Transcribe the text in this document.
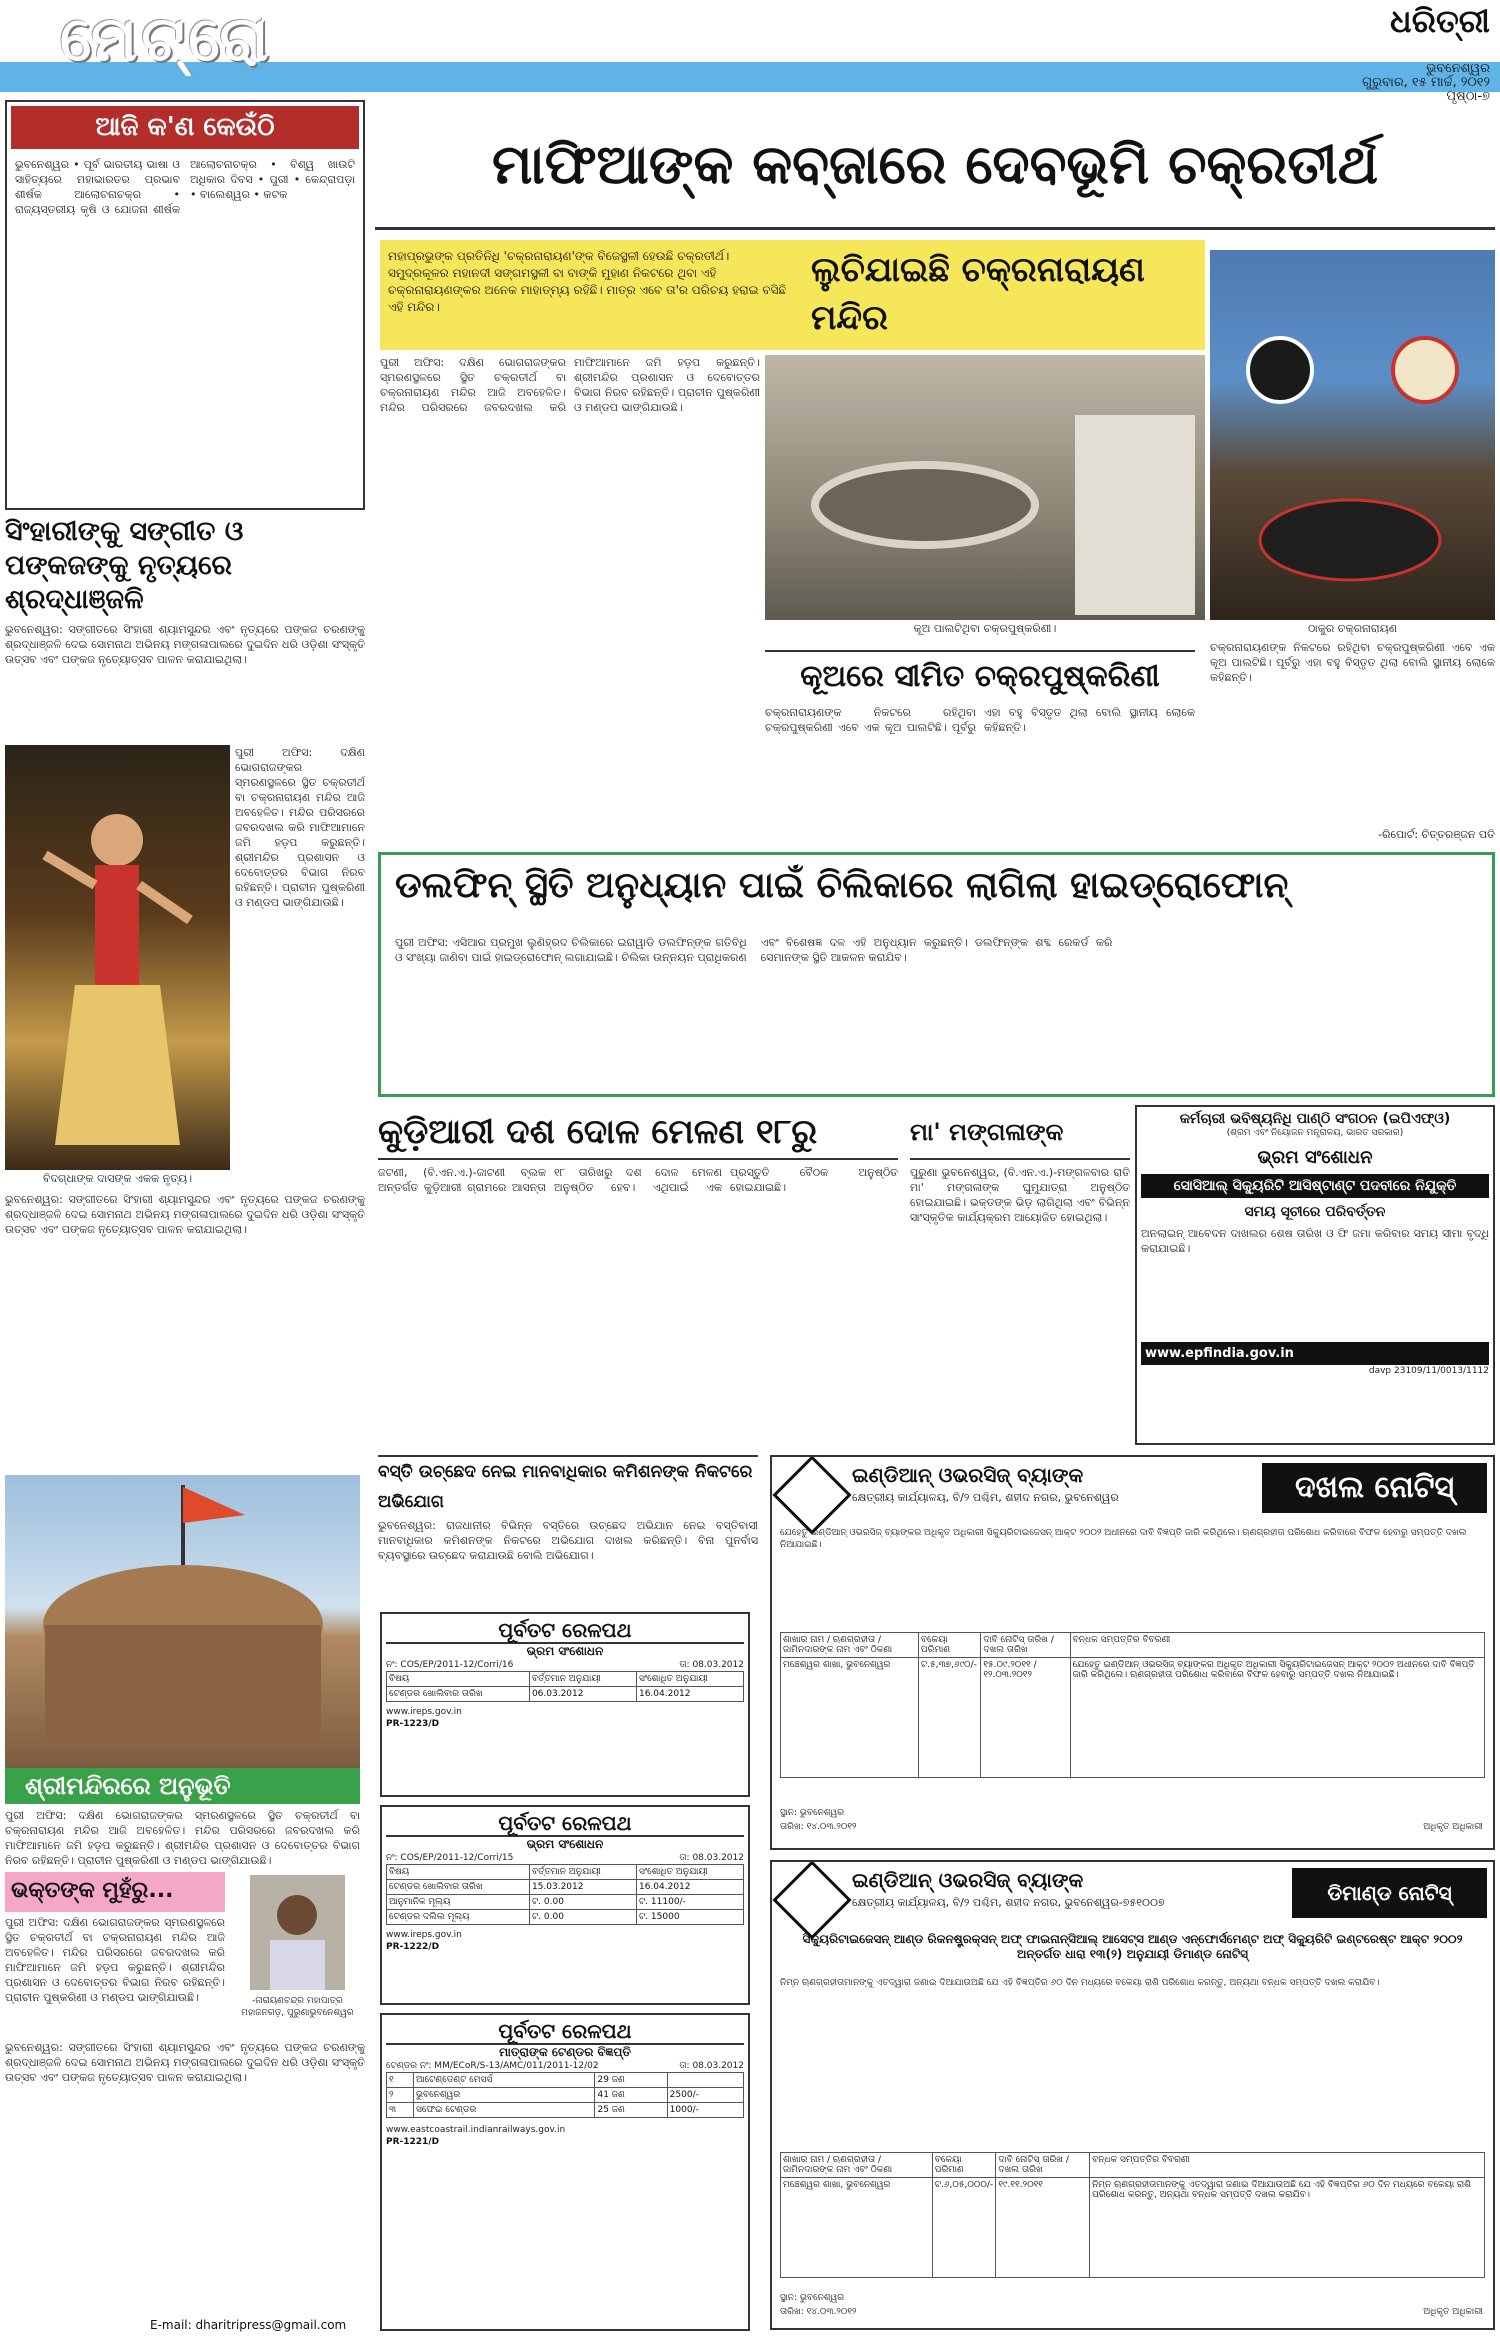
ମେଟ୍ରୋ	ଧରିତ୍ରୀ
ଭୁବନେଶ୍ୱର
ଗୁରୁବାର, ୧୫ ମାର୍ଚ୍ଚ, ୨୦୧୨
ପୃଷ୍ଠା-୭
ଆଜି କ'ଣ କେଉଁଠି
ଭୁବନେଶ୍ୱର • ପୂର୍ବ ଭାରତୀୟ ଭାଷା ଓ ସାହିତ୍ୟରେ ମହାଭାରତର ପ୍ରଭାବ ଶୀର୍ଷକ ଆଲୋଚନାଚକ୍ର • ରାଜ୍ୟସ୍ତରୀୟ କୃଷି ଓ ଯୋଜନା ଶୀର୍ଷକ ଆଲୋଚନାଚକ୍ର • ବିଶ୍ୱ ଖାଉଟି ଅଧିକାର ଦିବସ • ପୁରୀ • କେନ୍ଦ୍ରାପଡ଼ା • ବାଲେଶ୍ୱର • କଟକ
ସିଂହାରୀଙ୍କୁ ସଙ୍ଗୀତ ଓ ପଙ୍କଜଙ୍କୁ ନୃତ୍ୟରେ ଶ୍ରଦ୍ଧାଞ୍ଜଳି
ଭୁବନେଶ୍ୱର: ସଙ୍ଗୀତରେ ସିଂହାରୀ ଶ୍ୟାମସୁନ୍ଦର ଏବଂ ନୃତ୍ୟରେ ପଙ୍କଜ ଚରଣଙ୍କୁ ଶ୍ରଦ୍ଧାଞ୍ଜଳି ଦେଇ ସୋମନାଥ ଅଭିନୟ ମଙ୍ଗଳାପାଲରେ ଦୁଇଦିନ ଧରି ଓଡ଼ିଶା ସଂସ୍କୃତି ଉତ୍ସବ ଏବଂ ପଙ୍କଜ ନୃତ୍ୟୋତ୍ସବ ପାଳନ କରାଯାଇଥିଲା।
ପୁରୀ ଅଫିସ: ଦକ୍ଷିଣ ଭୋଗରାଜଙ୍କର ସ୍ମରଣସ୍ଥଳରେ ସ୍ଥିତ ଚକ୍ରତୀର୍ଥ ବା ଚକ୍ରନାରାୟଣ ମନ୍ଦିର ଆଜି ଅବହେଳିତ। ମନ୍ଦିର ପରିସରରେ ଜବରଦଖଲ କରି ମାଫିଆମାନେ ଜମି ହଡ଼ପ କରୁଛନ୍ତି। ଶ୍ରୀମନ୍ଦିର ପ୍ରଶାସନ ଓ ଦେବୋତ୍ତର ବିଭାଗ ନିରବ ରହିଛନ୍ତି। ପ୍ରାଚୀନ ପୁଷ୍କରିଣୀ ଓ ମଣ୍ଡପ ଭାଙ୍ଗିଯାଉଛି।
ବିଦଗ୍ଧାଙ୍କ ଦାସଙ୍କ ଏକକ ନୃତ୍ୟ।
ଭୁବନେଶ୍ୱର: ସଙ୍ଗୀତରେ ସିଂହାରୀ ଶ୍ୟାମସୁନ୍ଦର ଏବଂ ନୃତ୍ୟରେ ପଙ୍କଜ ଚରଣଙ୍କୁ ଶ୍ରଦ୍ଧାଞ୍ଜଳି ଦେଇ ସୋମନାଥ ଅଭିନୟ ମଙ୍ଗଳାପାଲରେ ଦୁଇଦିନ ଧରି ଓଡ଼ିଶା ସଂସ୍କୃତି ଉତ୍ସବ ଏବଂ ପଙ୍କଜ ନୃତ୍ୟୋତ୍ସବ ପାଳନ କରାଯାଇଥିଲା।
ଶ୍ରୀମନ୍ଦିରରେ ଅନୁଭୂତି
ପୁରୀ ଅଫିସ: ଦକ୍ଷିଣ ଭୋଗରାଜଙ୍କର ସ୍ମରଣସ୍ଥଳରେ ସ୍ଥିତ ଚକ୍ରତୀର୍ଥ ବା ଚକ୍ରନାରାୟଣ ମନ୍ଦିର ଆଜି ଅବହେଳିତ। ମନ୍ଦିର ପରିସରରେ ଜବରଦଖଲ କରି ମାଫିଆମାନେ ଜମି ହଡ଼ପ କରୁଛନ୍ତି। ଶ୍ରୀମନ୍ଦିର ପ୍ରଶାସନ ଓ ଦେବୋତ୍ତର ବିଭାଗ ନିରବ ରହିଛନ୍ତି। ପ୍ରାଚୀନ ପୁଷ୍କରିଣୀ ଓ ମଣ୍ଡପ ଭାଙ୍ଗିଯାଉଛି।
ଭକ୍ତଙ୍କ ମୁହଁରୁ...
-ନାରାୟଣଚନ୍ଦ୍ର ମହାପାତ୍ର ମହାଜନଗଡ଼, ପୁରୁଣାଭୁବନେଶ୍ୱର
ପୁରୀ ଅଫିସ: ଦକ୍ଷିଣ ଭୋଗରାଜଙ୍କର ସ୍ମରଣସ୍ଥଳରେ ସ୍ଥିତ ଚକ୍ରତୀର୍ଥ ବା ଚକ୍ରନାରାୟଣ ମନ୍ଦିର ଆଜି ଅବହେଳିତ। ମନ୍ଦିର ପରିସରରେ ଜବରଦଖଲ କରି ମାଫିଆମାନେ ଜମି ହଡ଼ପ କରୁଛନ୍ତି। ଶ୍ରୀମନ୍ଦିର ପ୍ରଶାସନ ଓ ଦେବୋତ୍ତର ବିଭାଗ ନିରବ ରହିଛନ୍ତି। ପ୍ରାଚୀନ ପୁଷ୍କରିଣୀ ଓ ମଣ୍ଡପ ଭାଙ୍ଗିଯାଉଛି।
ଭୁବନେଶ୍ୱର: ସଙ୍ଗୀତରେ ସିଂହାରୀ ଶ୍ୟାମସୁନ୍ଦର ଏବଂ ନୃତ୍ୟରେ ପଙ୍କଜ ଚରଣଙ୍କୁ ଶ୍ରଦ୍ଧାଞ୍ଜଳି ଦେଇ ସୋମନାଥ ଅଭିନୟ ମଙ୍ଗଳାପାଲରେ ଦୁଇଦିନ ଧରି ଓଡ଼ିଶା ସଂସ୍କୃତି ଉତ୍ସବ ଏବଂ ପଙ୍କଜ ନୃତ୍ୟୋତ୍ସବ ପାଳନ କରାଯାଇଥିଲା।
E-mail: dharitripress@gmail.com
ମାଫିଆଙ୍କ କବ୍ଜାରେ ଦେବଭୂମି ଚକ୍ରତୀର୍ଥ
ମହାପ୍ରଭୁଙ୍କ ପ୍ରତିନିଧି 'ଚକ୍ରନାରାୟଣ'ଙ୍କ ବିଜେସ୍ଥଳୀ ହେଉଛି ଚକ୍ରତୀର୍ଥ। ସମୁଦ୍ରକୂଳର ମହାନଦୀ ସଙ୍ଗମସ୍ଥଳୀ ବା ବାଙ୍କି ମୁହାଣ ନିକଟରେ ଥିବା ଏହି ଚକ୍ରନାରାୟଣଙ୍କର ଅନେକ ମାହାତ୍ମ୍ୟ ରହିଛି। ମାତ୍ର ଏବେ ତା'ର ପରିଚୟ ହରାଇ ବସିଛି ଏହି ମନ୍ଦିର।
ଲୁଚିଯାଇଛି ଚକ୍ରନାରାୟଣ ମନ୍ଦିର
ପୁରୀ ଅଫିସ: ଦକ୍ଷିଣ ଭୋଗରାଜଙ୍କର ସ୍ମରଣସ୍ଥଳରେ ସ୍ଥିତ ଚକ୍ରତୀର୍ଥ ବା ଚକ୍ରନାରାୟଣ ମନ୍ଦିର ଆଜି ଅବହେଳିତ। ମନ୍ଦିର ପରିସରରେ ଜବରଦଖଲ କରି ମାଫିଆମାନେ ଜମି ହଡ଼ପ କରୁଛନ୍ତି। ଶ୍ରୀମନ୍ଦିର ପ୍ରଶାସନ ଓ ଦେବୋତ୍ତର ବିଭାଗ ନିରବ ରହିଛନ୍ତି। ପ୍ରାଚୀନ ପୁଷ୍କରିଣୀ ଓ ମଣ୍ଡପ ଭାଙ୍ଗିଯାଉଛି।
କୂଅ ପାଲଟିଥିବା ଚକ୍ରପୁଷ୍କରିଣୀ।	ଠାକୁର ଚକ୍ରନାରାୟଣ
କୂଅରେ ସୀମିତ ଚକ୍ରପୁଷ୍କରିଣୀ
ଚକ୍ରନାରାୟଣଙ୍କ ନିକଟରେ ରହିଥିବା ଚକ୍ରପୁଷ୍କରିଣୀ ଏବେ ଏକ କୂଅ ପାଲଟିଛି। ପୂର୍ବରୁ ଏହା ବହୁ ବିସ୍ତୃତ ଥିଲା ବୋଲି ସ୍ଥାନୀୟ ଲୋକେ କହିଛନ୍ତି।
ଚକ୍ରନାରାୟଣଙ୍କ ନିକଟରେ ରହିଥିବା ଚକ୍ରପୁଷ୍କରିଣୀ ଏବେ ଏକ କୂଅ ପାଲଟିଛି। ପୂର୍ବରୁ ଏହା ବହୁ ବିସ୍ତୃତ ଥିଲା ବୋଲି ସ୍ଥାନୀୟ ଲୋକେ କହିଛନ୍ତି।
-ରିପୋର୍ଟ: ଚିତ୍ତରଞ୍ଜନ ପତି
ଡଲଫିନ୍ ସ୍ଥିତି ଅନୁଧ୍ୟାନ ପାଇଁ ଚିଲିକାରେ ଲାଗିଲା ହାଇଡ୍ରୋଫୋନ୍
ପୁରୀ ଅଫିସ: ଏସିଆର ପ୍ରମୁଖ ଲୁଣିହ୍ରଦ ଚିଲିକାରେ ଇରାୱାଡି ଡଲଫିନ୍‌ଙ୍କ ଗତିବିଧି ଓ ସଂଖ୍ୟା ଜାଣିବା ପାଇଁ ହାଇଡ୍ରୋଫୋନ୍ ଲଗାଯାଇଛି। ଚିଲିକା ଉନ୍ନୟନ ପ୍ରାଧିକରଣ ଏବଂ ବିଶେଷଜ୍ଞ ଦଳ ଏହି ଅନୁଧ୍ୟାନ କରୁଛନ୍ତି। ଡଲଫିନ୍‌ଙ୍କ ଶବ୍ଦ ରେକର୍ଡ କରି ସେମାନଙ୍କ ସ୍ଥିତି ଆକଳନ କରାଯିବ।
କୁଡ଼ିଆରୀ ଦଶ ଦୋଳ ମେଳଣ ୧୮ରୁ
ଜଟଣୀ, (ବି.ଏନ.ଏ.)-ଜାଟଣୀ ବ୍ଲକ ଅନ୍ତର୍ଗତ କୁଡ଼ିଆରୀ ଗ୍ରାମରେ ଆସନ୍ତା ୧୮ ତାରିଖରୁ ଦଶ ଦୋଳ ମେଳଣ ଅନୁଷ୍ଠିତ ହେବ। ଏଥିପାଇଁ ଏକ ପ୍ରସ୍ତୁତି ବୈଠକ ଅନୁଷ୍ଠିତ ହୋଇଯାଇଛି।
ମା' ମଙ୍ଗଳାଙ୍କ
ପୁରୁଣା ଭୁବନେଶ୍ୱର, (ବି.ଏନ.ଏ.)-ମଙ୍ଗଳବାର ରାତି ମା' ମଙ୍ଗଳାଙ୍କ ଘୁମୁଯାତ୍ରା ଅନୁଷ୍ଠିତ ହୋଇଯାଇଛି। ଭକ୍ତଙ୍କ ଭିଡ଼ ଲାଗିଥିଲା ଏବଂ ବିଭିନ୍ନ ସାଂସ୍କୃତିକ କାର୍ଯ୍ୟକ୍ରମ ଆୟୋଜିତ ହୋଇଥିଲା।
କର୍ମଚାରୀ ଭବିଷ୍ୟନିଧି ପାଣ୍ଠି ସଂଗଠନ (ଇପିଏଫ୍‌ଓ)
(ଶ୍ରମ ଏବଂ ନିୟୋଜନ ମନ୍ତ୍ରାଳୟ, ଭାରତ ସରକାର)
ଭ୍ରମ ସଂଶୋଧନ
ସୋସିଆଲ୍ ସିକ୍ୟୁରିଟି ଆସିଷ୍ଟାଣ୍ଟ ପଦବୀରେ ନିଯୁକ୍ତି
ସମୟ ସୂଚୀରେ ପରିବର୍ତ୍ତନ
ଅନଲାଇନ୍ ଆବେଦନ ଦାଖଲର ଶେଷ ତାରିଖ ଓ ଫି ଜମା କରିବାର ସମୟ ସୀମା ବୃଦ୍ଧି କରାଯାଇଛି।
www.epfindia.gov.in
davp 23109/11/0013/1112
ବସ୍ତି ଉଚ୍ଛେଦ ନେଇ ମାନବାଧିକାର କମିଶନଙ୍କ ନିକଟରେ ଅଭିଯୋଗ
ଭୁବନେଶ୍ୱର: ରାଜଧାନୀର ବିଭିନ୍ନ ବସ୍ତିରେ ଉଚ୍ଛେଦ ଅଭିଯାନ ନେଇ ବସ୍ତିବାସୀ ମାନବାଧିକାର କମିଶନଙ୍କ ନିକଟରେ ଅଭିଯୋଗ ଦାଖଲ କରିଛନ୍ତି। ବିନା ପୁନର୍ବାସ ବ୍ୟବସ୍ଥାରେ ଉଚ୍ଛେଦ କରାଯାଉଛି ବୋଲି ଅଭିଯୋଗ।
ପୂର୍ବତଟ ରେଳପଥ
ଭ୍ରମ ସଂଶୋଧନ
ନଂ: COS/EP/2011-12/Corri/16	ତା: 08.03.2012
ବିଷୟ	ବର୍ତ୍ତମାନ ଅନୁଯାୟୀ	ସଂଶୋଧିତ ଅନୁଯାୟୀ
ଟେଣ୍ଡର ଖୋଲିବାର ତାରିଖ	06.03.2012	16.04.2012
www.ireps.gov.in
PR-1223/D
ପୂର୍ବତଟ ରେଳପଥ
ଭ୍ରମ ସଂଶୋଧନ
ନଂ: COS/EP/2011-12/Corri/15	ତା: 08.03.2012
ବିଷୟ	ବର୍ତ୍ତମାନ ଅନୁଯାୟୀ	ସଂଶୋଧିତ ଅନୁଯାୟୀ
ଟେଣ୍ଡର ଖୋଲିବାର ତାରିଖ	15.03.2012	16.04.2012
ଆନୁମାନିକ ମୂଲ୍ୟ	ଟ. 0.00	ଟ. 11100/-
ଟେଣ୍ଡର ଦଲିଲ ମୂଲ୍ୟ	ଟ. 0.00	ଟ. 15000
www.ireps.gov.in
PR-1222/D
ପୂର୍ବତଟ ରେଳପଥ
ମାତ୍ରାଙ୍କ ଟେଣ୍ଡର ବିଜ୍ଞପ୍ତି
ଟେଣ୍ଡର ନଂ: MM/ECoR/S-13/AMC/011/2011-12/02	ତା: 08.03.2012
୧	ଆଟେଣ୍ଡେଣ୍ଟ ମେସର୍ସ	29 ଜଣ	
୨	ଭୁବନେଶ୍ୱର	41 ଜଣ	2500/-
୩	ସଫେଇ ଟେଣ୍ଡର	25 ଜଣ	1000/-
www.eastcoastrail.indianrailways.gov.in
PR-1221/D
ଇଣ୍ଡିଆନ୍ ଓଭରସିଜ୍ ବ୍ୟାଙ୍କ
କ୍ଷେତ୍ରୀୟ କାର୍ଯ୍ୟାଳୟ, ବି/୨ ପଶ୍ଚିମ, ଶହୀଦ ନଗର, ଭୁବନେଶ୍ୱର	ଦଖଲ ନୋଟିସ୍
ଯେହେତୁ ଇଣ୍ଡିଆନ୍ ଓଭରସିଜ୍ ବ୍ୟାଙ୍କର ଅଧିକୃତ ଅଧିକାରୀ ସିକ୍ୟୁରିଟାଇଜେସନ୍ ଆକ୍ଟ ୨୦୦୨ ଅଧୀନରେ ଦାବି ବିଜ୍ଞପ୍ତି ଜାରି କରିଥିଲେ। ଋଣଗ୍ରହୀତା ପରିଶୋଧ କରିବାରେ ବିଫଳ ହେବାରୁ ସମ୍ପତ୍ତି ଦଖଲ ନିଆଯାଇଛି।
ଶାଖାର ନାମ / ଋଣଗ୍ରହୀତା / ଜାମିନଦାରଙ୍କ ନାମ ଏବଂ ଠିକଣା	ବକେୟା ପରିମାଣ	ଦାବି ନୋଟିସ୍ ତାରିଖ / ଦଖଲ ତାରିଖ	ବନ୍ଧକ ସମ୍ପତ୍ତିର ବିବରଣୀ
ମଞ୍ଚେଶ୍ୱର ଶାଖା, ଭୁବନେଶ୍ୱର	ଟ.୫,୩୭,୬୯୦/-	୧୫.୦୯.୨୦୧୧ / ୧୨.୦୩.୨୦୧୨	ଯେହେତୁ ଇଣ୍ଡିଆନ୍ ଓଭରସିଜ୍ ବ୍ୟାଙ୍କର ଅଧିକୃତ ଅଧିକାରୀ ସିକ୍ୟୁରିଟାଇଜେସନ୍ ଆକ୍ଟ ୨୦୦୨ ଅଧୀନରେ ଦାବି ବିଜ୍ଞପ୍ତି ଜାରି କରିଥିଲେ। ଋଣଗ୍ରହୀତା ପରିଶୋଧ କରିବାରେ ବିଫଳ ହେବାରୁ ସମ୍ପତ୍ତି ଦଖଲ ନିଆଯାଇଛି।
ସ୍ଥାନ: ଭୁବନେଶ୍ୱର
ତାରିଖ: ୧୪.୦୩.୨୦୧୨	ଅଧିକୃତ ଅଧିକାରୀ
ଇଣ୍ଡିଆନ୍ ଓଭରସିଜ୍ ବ୍ୟାଙ୍କ
କ୍ଷେତ୍ରୀୟ କାର୍ଯ୍ୟାଳୟ, ବି/୨ ପଶ୍ଚିମ, ଶହୀଦ ନଗର, ଭୁବନେଶ୍ୱର-୭୫୧୦୦୭	ଡିମାଣ୍ଡ ନୋଟିସ୍
ସିକ୍ୟୁରିଟାଇଜେସନ୍ ଆଣ୍ଡ ରିକନଷ୍ଟ୍ରକ୍ସନ୍ ଅଫ୍ ଫାଇନାନ୍ସିଆଲ୍ ଆସେଟ୍ସ ଆଣ୍ଡ ଏନ୍‌ଫୋର୍ସମେଣ୍ଟ ଅଫ୍ ସିକ୍ୟୁରିଟି ଇଣ୍ଟରେଷ୍ଟ ଆକ୍ଟ ୨୦୦୨ ଅନ୍ତର୍ଗତ ଧାରା ୧୩(୨) ଅନୁଯାୟୀ ଡିମାଣ୍ଡ ନୋଟିସ୍
ନିମ୍ନ ଋଣଗ୍ରହୀତାମାନଙ୍କୁ ଏତଦ୍ୱାରା ଜଣାଇ ଦିଆଯାଉଅଛି ଯେ ଏହି ବିଜ୍ଞପ୍ତିର ୬୦ ଦିନ ମଧ୍ୟରେ ବକେୟା ରାଶି ପରିଶୋଧ କରନ୍ତୁ, ଅନ୍ୟଥା ବନ୍ଧକ ସମ୍ପତ୍ତି ଦଖଲ କରାଯିବ।
ଶାଖାର ନାମ / ଋଣଗ୍ରହୀତା / ଜାମିନଦାରଙ୍କ ନାମ ଏବଂ ଠିକଣା	ବକେୟା ପରିମାଣ	ଦାବି ନୋଟିସ୍ ତାରିଖ / ଦଖଲ ତାରିଖ	ବନ୍ଧକ ସମ୍ପତ୍ତିର ବିବରଣୀ
ମଞ୍ଚେଶ୍ୱର ଶାଖା, ଭୁବନେଶ୍ୱର	ଟ.୬,୦୫,୦୦୦/-	୧୯.୧୧.୨୦୧୧	ନିମ୍ନ ଋଣଗ୍ରହୀତାମାନଙ୍କୁ ଏତଦ୍ୱାରା ଜଣାଇ ଦିଆଯାଉଅଛି ଯେ ଏହି ବିଜ୍ଞପ୍ତିର ୬୦ ଦିନ ମଧ୍ୟରେ ବକେୟା ରାଶି ପରିଶୋଧ କରନ୍ତୁ, ଅନ୍ୟଥା ବନ୍ଧକ ସମ୍ପତ୍ତି ଦଖଲ କରାଯିବ।
ସ୍ଥାନ: ଭୁବନେଶ୍ୱର
ତାରିଖ: ୧୪.୦୩.୨୦୧୨	ଅଧିକୃତ ଅଧିକାରୀ
